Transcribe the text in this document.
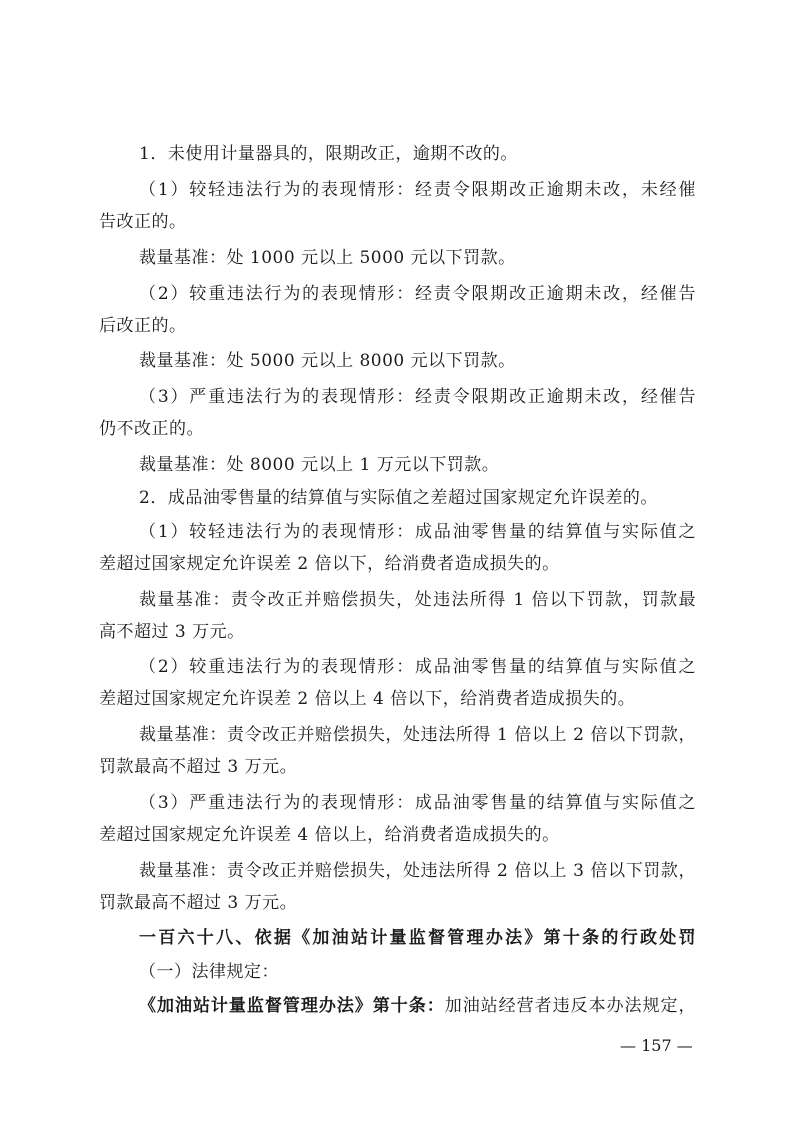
1．未使用计量器具的，限期改正，逾期不改的。
（1）较轻违法行为的表现情形：经责令限期改正逾期未改，未经催
告改正的。
裁量基准：处 1000 元以上 5000 元以下罚款。
（2）较重违法行为的表现情形：经责令限期改正逾期未改，经催告
后改正的。
裁量基准：处 5000 元以上 8000 元以下罚款。
（3）严重违法行为的表现情形：经责令限期改正逾期未改，经催告
仍不改正的。
裁量基准：处 8000 元以上 1 万元以下罚款。
2．成品油零售量的结算值与实际值之差超过国家规定允许误差的。
（1）较轻违法行为的表现情形：成品油零售量的结算值与实际值之
差超过国家规定允许误差 2 倍以下，给消费者造成损失的。
裁量基准：责令改正并赔偿损失，处违法所得 1 倍以下罚款，罚款最
高不超过 3 万元。
（2）较重违法行为的表现情形：成品油零售量的结算值与实际值之
差超过国家规定允许误差 2 倍以上 4 倍以下，给消费者造成损失的。
裁量基准：责令改正并赔偿损失，处违法所得 1 倍以上 2 倍以下罚款，
罚款最高不超过 3 万元。
（3）严重违法行为的表现情形：成品油零售量的结算值与实际值之
差超过国家规定允许误差 4 倍以上，给消费者造成损失的。
裁量基准：责令改正并赔偿损失，处违法所得 2 倍以上 3 倍以下罚款，
罚款最高不超过 3 万元。
一百六十八、依据《加油站计量监督管理办法》第十条的行政处罚
（一）法律规定：
《加油站计量监督管理办法》第十条：加油站经营者违反本办法规定，
— 157 —
